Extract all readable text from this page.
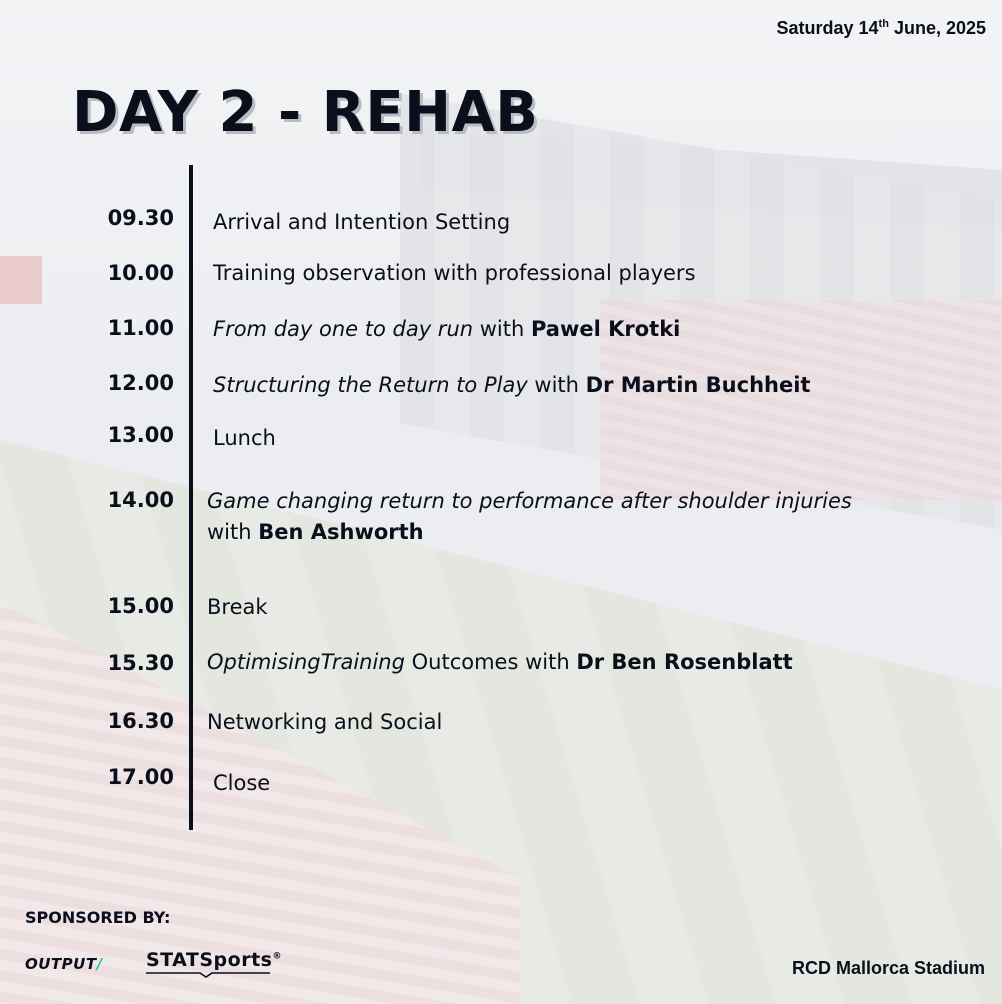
Saturday 14th June, 2025
DAY 2 - REHAB
09.30 Arrival and Intention Setting
10.00 Training observation with professional players
11.00 From day one to day run with Pawel Krotki
12.00 Structuring the Return to Play with Dr Martin Buchheit
13.00 Lunch
14.00 Game changing return to performance after shoulder injuries
with Ben Ashworth
15.00 Break
15.30 OptimisingTraining Outcomes with Dr Ben Rosenblatt
16.30 Networking and Social
17.00 Close
SPONSORED BY:
OUTPUT/ STATSports®
RCD Mallorca Stadium
